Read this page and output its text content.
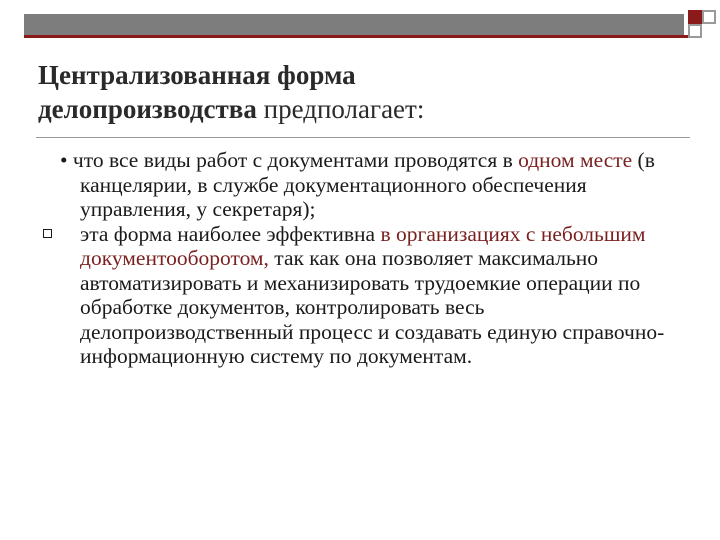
Централизованная форма
делопроизводства предполагает:
• что все виды работ с документами проводятся в одном месте (в канцелярии, в службе документационного обеспечения управления, у секретаря);
эта форма наиболее эффективна в организациях с небольшим документооборотом, так как она позволяет максимально автоматизировать и механизировать трудоемкие операции по обработке документов, контролировать весь делопроизводственный процесс и создавать единую справочно-информационную систему по документам.
